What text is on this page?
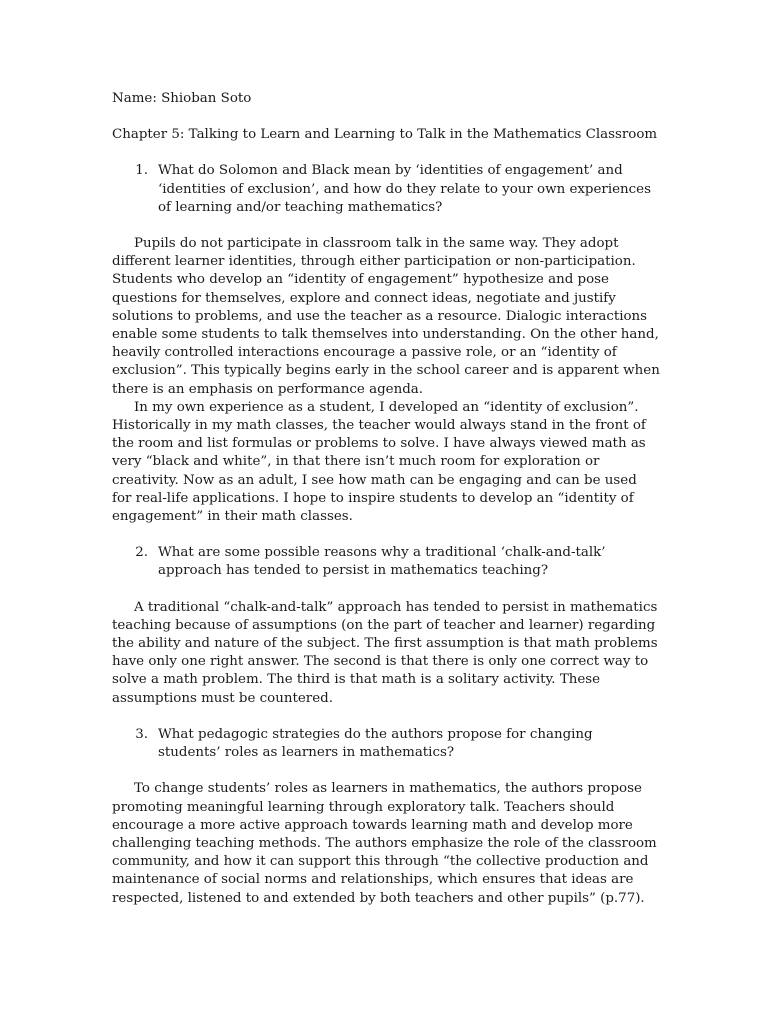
Name: Shioban Soto

Chapter 5: Talking to Learn and Learning to Talk in the Mathematics Classroom

1. What do Solomon and Black mean by ‘identities of engagement’ and ‘identities of exclusion’, and how do they relate to your own experiences of learning and/or teaching mathematics?

Pupils do not participate in classroom talk in the same way. They adopt different learner identities, through either participation or non-participation. Students who develop an “identity of engagement” hypothesize and pose questions for themselves, explore and connect ideas, negotiate and justify solutions to problems, and use the teacher as a resource. Dialogic interactions enable some students to talk themselves into understanding. On the other hand, heavily controlled interactions encourage a passive role, or an “identity of exclusion”. This typically begins early in the school career and is apparent when there is an emphasis on performance agenda.

In my own experience as a student, I developed an “identity of exclusion”. Historically in my math classes, the teacher would always stand in the front of the room and list formulas or problems to solve. I have always viewed math as very “black and white”, in that there isn’t much room for exploration or creativity. Now as an adult, I see how math can be engaging and can be used for real-life applications. I hope to inspire students to develop an “identity of engagement” in their math classes.

2. What are some possible reasons why a traditional ‘chalk-and-talk’ approach has tended to persist in mathematics teaching?

A traditional “chalk-and-talk” approach has tended to persist in mathematics teaching because of assumptions (on the part of teacher and learner) regarding the ability and nature of the subject. The first assumption is that math problems have only one right answer. The second is that there is only one correct way to solve a math problem. The third is that math is a solitary activity. These assumptions must be countered.

3. What pedagogic strategies do the authors propose for changing students’ roles as learners in mathematics?

To change students’ roles as learners in mathematics, the authors propose promoting meaningful learning through exploratory talk. Teachers should encourage a more active approach towards learning math and develop more challenging teaching methods. The authors emphasize the role of the classroom community, and how it can support this through “the collective production and maintenance of social norms and relationships, which ensures that ideas are respected, listened to and extended by both teachers and other pupils” (p.77).
